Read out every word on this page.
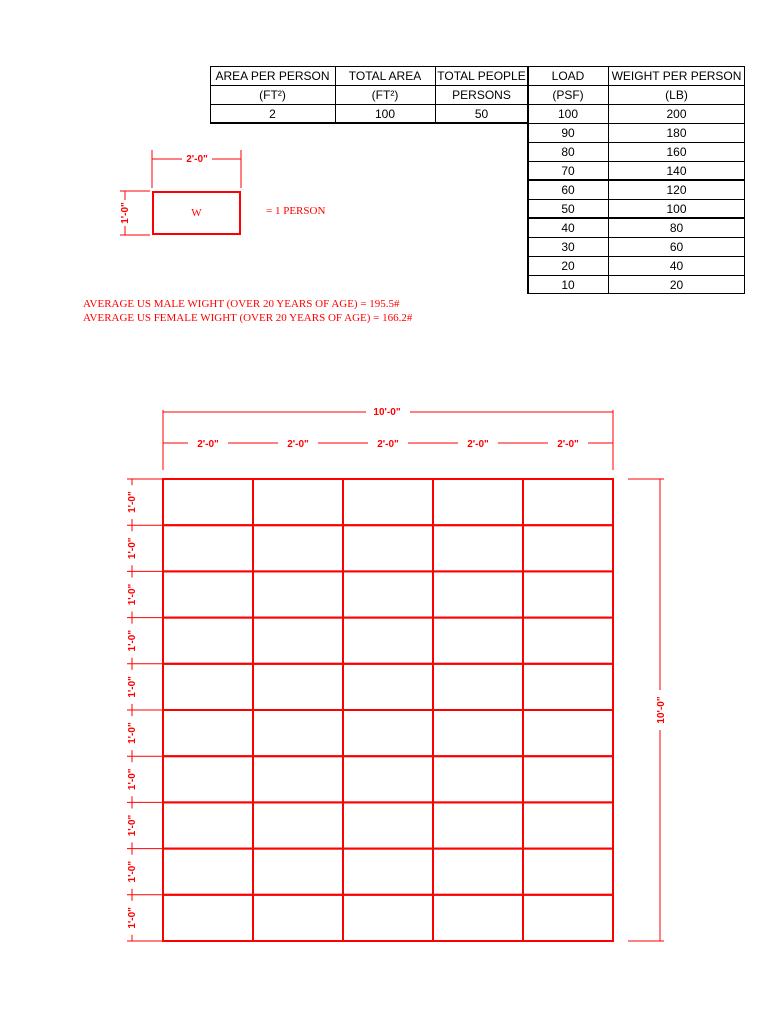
AREA PER PERSON	TOTAL AREA	TOTAL PEOPLE	LOAD	WEIGHT PER PERSON
(FT²)	(FT²)	PERSONS	(PSF)	(LB)
2	100	50	100	200
90	180
80	160
70	140
60	120
50	100
40	80
30	60
20	40
10	20
2'-0"
1'-0"	W	= 1 PERSON
AVERAGE US MALE WIGHT (OVER 20 YEARS OF AGE) = 195.5#
AVERAGE US FEMALE WIGHT (OVER 20 YEARS OF AGE) = 166.2#
10'-0"
2'-0"	2'-0"	2'-0"	2'-0"	2'-0"
10'-0"
1'-0"
1'-0"
1'-0"
1'-0"
1'-0"
1'-0"
1'-0"
1'-0"
1'-0"
1'-0"
